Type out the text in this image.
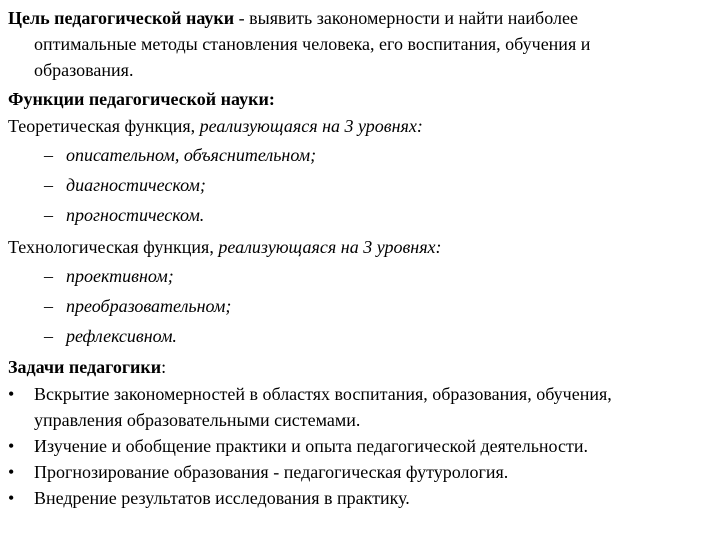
Цель педагогической науки - выявить закономерности и найти наиболее
оптимальные методы становления человека, его воспитания, обучения и
образования.
Функции педагогической науки:
Теоретическая функция, реализующаяся на 3 уровнях:
– описательном, объяснительном;
– диагностическом;
– прогностическом.
Технологическая функция, реализующаяся на 3 уровнях:
– проективном;
– преобразовательном;
– рефлексивном.
Задачи педагогики:
• Вскрытие закономерностей в областях воспитания, образования, обучения,
управления образовательными системами.
• Изучение и обобщение практики и опыта педагогической деятельности.
• Прогнозирование образования - педагогическая футурология.
• Внедрение результатов исследования в практику.
